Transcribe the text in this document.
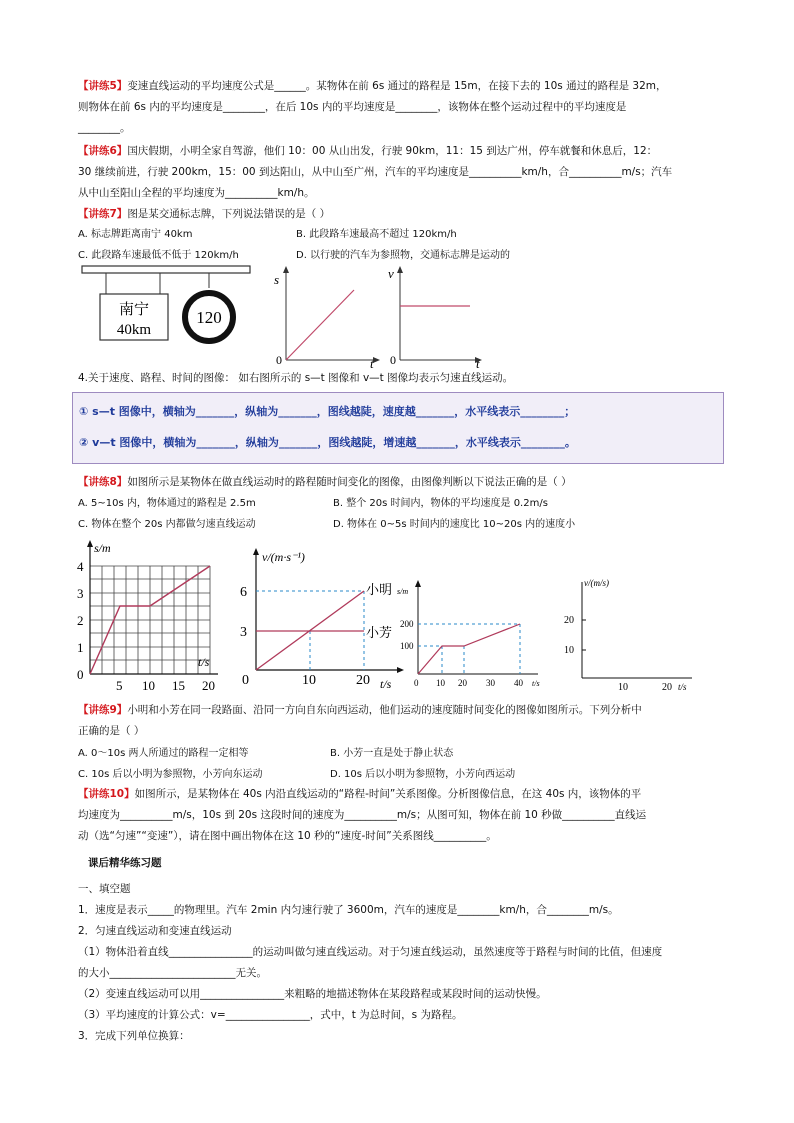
【讲练5】变速直线运动的平均速度公式是______。某物体在前 6s 通过的路程是 15m，在接下去的 10s 通过的路程是 32m，
则物体在前 6s 内的平均速度是________，在后 10s 内的平均速度是________，该物体在整个运动过程中的平均速度是
________。
【讲练6】国庆假期，小明全家自驾游，他们 10：00 从山出发，行驶 90km，11：15 到达广州，停车就餐和休息后，12：
30 继续前进，行驶 200km，15：00 到达阳山，从中山至广州，汽车的平均速度是__________km/h，合__________m/s；汽车
从中山至阳山全程的平均速度为__________km/h。
【讲练7】图是某交通标志牌，下列说法错误的是（ ）
A. 标志牌距离南宁 40km	B. 此段路车速最高不超过 120km/h
C. 此段路车速最低不低于 120km/h	D. 以行驶的汽车为参照物，交通标志牌是运动的
南宁
40km
120
s
t
0
v
t
0
4.关于速度、路程、时间的图像： 如右图所示的 s—t 图像和 v—t 图像均表示匀速直线运动。
① s—t 图像中，横轴为_______，纵轴为_______，图线越陡，速度越_______，水平线表示________；
② v—t 图像中，横轴为_______，纵轴为_______，图线越陡，增速越_______，水平线表示________。
【讲练8】如图所示是某物体在做直线运动时的路程随时间变化的图像，由图像判断以下说法正确的是（ ）
A. 5~10s 内，物体通过的路程是 2.5m	B. 整个 20s 时间内，物体的平均速度是 0.2m/s
C. 物体在整个 20s 内都做匀速直线运动	D. 物体在 0~5s 时间内的速度比 10~20s 内的速度小
s/m
t/s
0
1
2
3
4
5 10 15 20
v/(m·s⁻¹)
t/s
3
6
0	10	20
小明
小芳
s/m
t/s
100
200
0 10 20 30 40
v/(m/s)
t/s
10
20
10	20
【讲练9】小明和小芳在同一段路面、沿同一方向自东向西运动，他们运动的速度随时间变化的图像如图所示。下列分析中
正确的是（ ）
A. 0～10s 两人所通过的路程一定相等	B. 小芳一直是处于静止状态
C. 10s 后以小明为参照物，小芳向东运动	D. 10s 后以小明为参照物，小芳向西运动
【讲练10】如图所示，是某物体在 40s 内沿直线运动的“路程-时间”关系图像。分析图像信息，在这 40s 内，该物体的平
均速度为__________m/s，10s 到 20s 这段时间的速度为__________m/s；从图可知，物体在前 10 秒做__________直线运
动（选“匀速”“变速”），请在图中画出物体在这 10 秒的“速度-时间”关系图线__________。
课后精华练习题
一、填空题
1．速度是表示_____的物理里。汽车 2min 内匀速行驶了 3600m，汽车的速度是________km/h，合________m/s。
2．匀速直线运动和变速直线运动
（1）物体沿着直线________________的运动叫做匀速直线运动。对于匀速直线运动，虽然速度等于路程与时间的比值，但速度
的大小________________________无关。
（2）变速直线运动可以用________________来粗略的地描述物体在某段路程或某段时间的运动快慢。
（3）平均速度的计算公式：v=________________，式中，t 为总时间，s 为路程。
3．完成下列单位换算：
